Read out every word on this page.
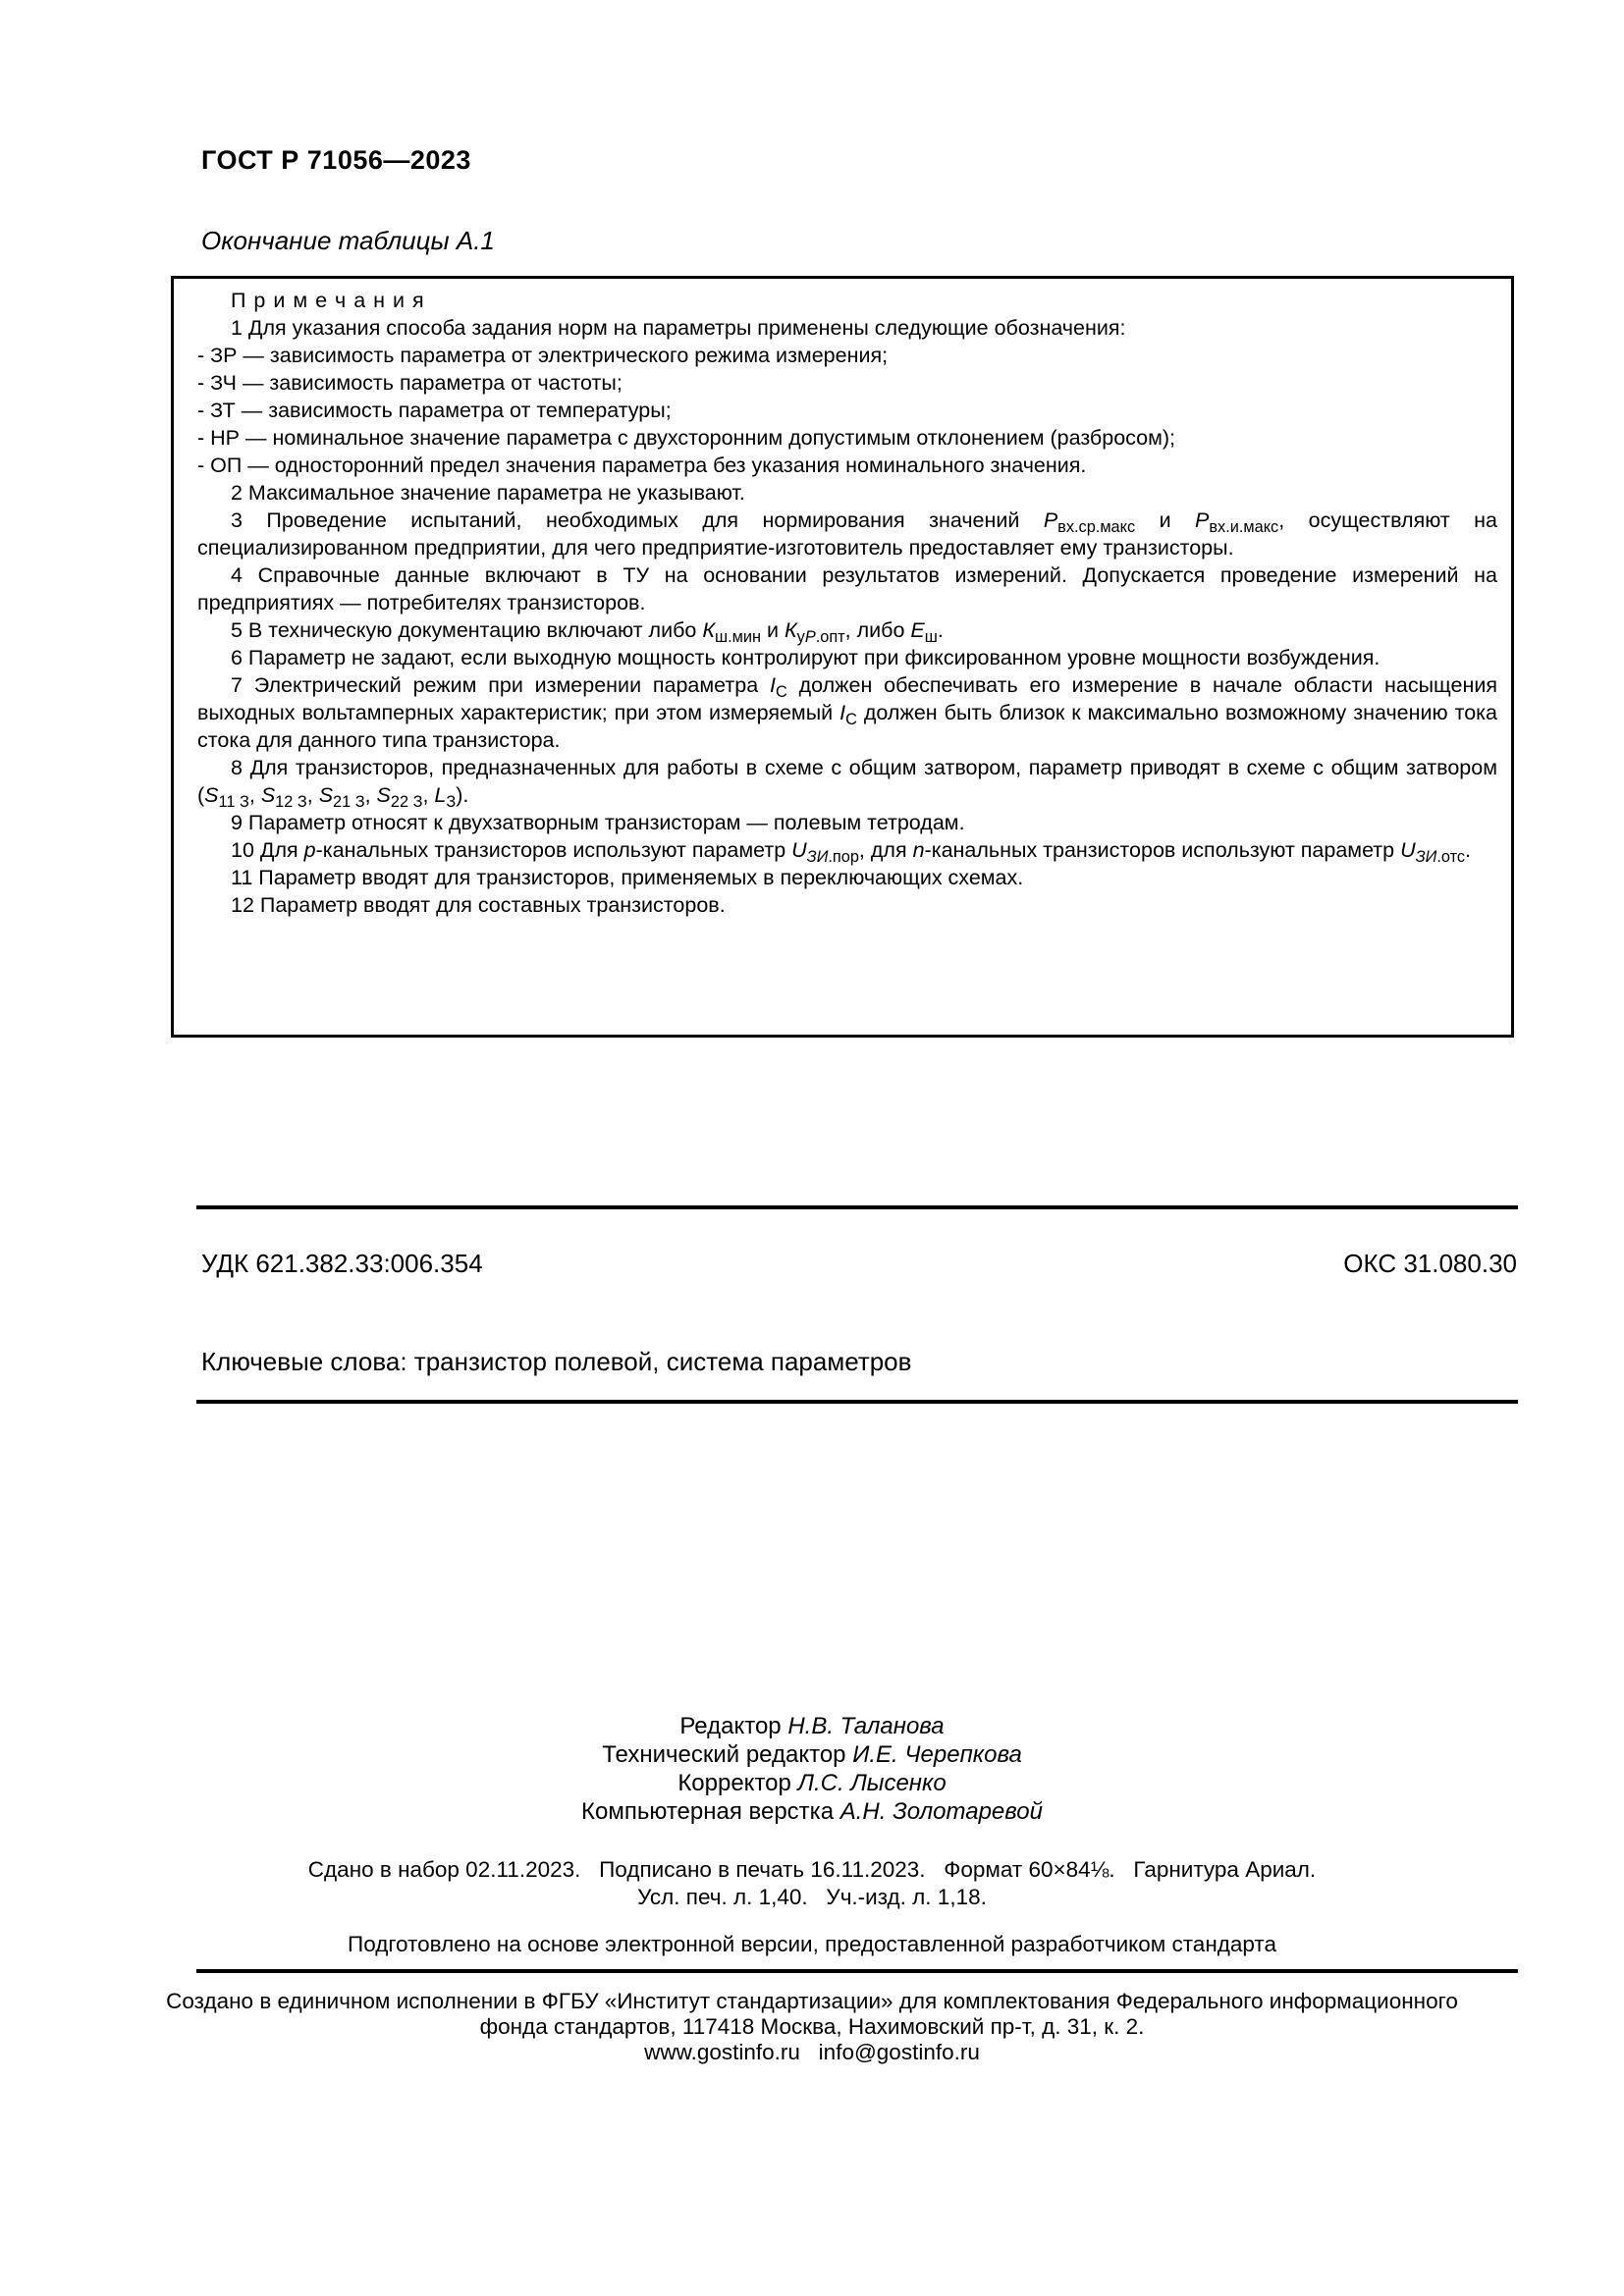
ГОСТ Р 71056—2023
Окончание таблицы А.1
П р и м е ч а н и я

1 Для указания способа задания норм на параметры применены следующие обозначения:

- ЗР — зависимость параметра от электрического режима измерения;

- ЗЧ — зависимость параметра от частоты;

- ЗТ — зависимость параметра от температуры;

- НР — номинальное значение параметра с двухсторонним допустимым отклонением (разбросом);

- ОП — односторонний предел значения параметра без указания номинального значения.

2 Максимальное значение параметра не указывают.

3 Проведение испытаний, необходимых для нормирования значений $Р_{вх.ср.макс}$ и $Р_{вх.и.макс}$, осуществляют на специализированном предприятии, для чего предприятие-изготовитель предоставляет ему транзисторы.

4 Справочные данные включают в ТУ на основании результатов измерений. Допускается проведение измерений на предприятиях — потребителях транзисторов.

5 В техническую документацию включают либо $К_{ш.мин}$ и $К_{уР.опт}$, либо $Е_ш$.

6 Параметр не задают, если выходную мощность контролируют при фиксированном уровне мощности возбуждения.

7 Электрический режим при измерении параметра $I_С$ должен обеспечивать его измерение в начале области насыщения выходных вольтамперных характеристик; при этом измеряемый $I_С$ должен быть близок к максимально возможному значению тока стока для данного типа транзистора.

8 Для транзисторов, предназначенных для работы в схеме с общим затвором, параметр приводят в схеме с общим затвором ($S_{11 З}$, $S_{12 З}$, $S_{21 З}$, $S_{22 З}$, $L_З$).

9 Параметр относят к двухзатворным транзисторам — полевым тетродам.

10 Для р-канальных транзисторов используют параметр $U_{ЗИ.пор}$, для n-канальных транзисторов используют параметр $U_{ЗИ.отс}$.

11 Параметр вводят для транзисторов, применяемых в переключающих схемах.

12 Параметр вводят для составных транзисторов.

УДК 621.382.33:006.354	ОКС 31.080.30
Ключевые слова: транзистор полевой, система параметров
Редактор Н.В. Таланова
Технический редактор И.Е. Черепкова
Корректор Л.С. Лысенко
Компьютерная верстка А.Н. Золотаревой
Сдано в набор 02.11.2023.   Подписано в печать 16.11.2023.   Формат 60×84⅛.   Гарнитура Ариал.
Усл. печ. л. 1,40.   Уч.-изд. л. 1,18.
Подготовлено на основе электронной версии, предоставленной разработчиком стандарта
Создано в единичном исполнении в ФГБУ «Институт стандартизации» для комплектования Федерального информационного
фонда стандартов, 117418 Москва, Нахимовский пр-т, д. 31, к. 2.
www.gostinfo.ru   info@gostinfo.ru
